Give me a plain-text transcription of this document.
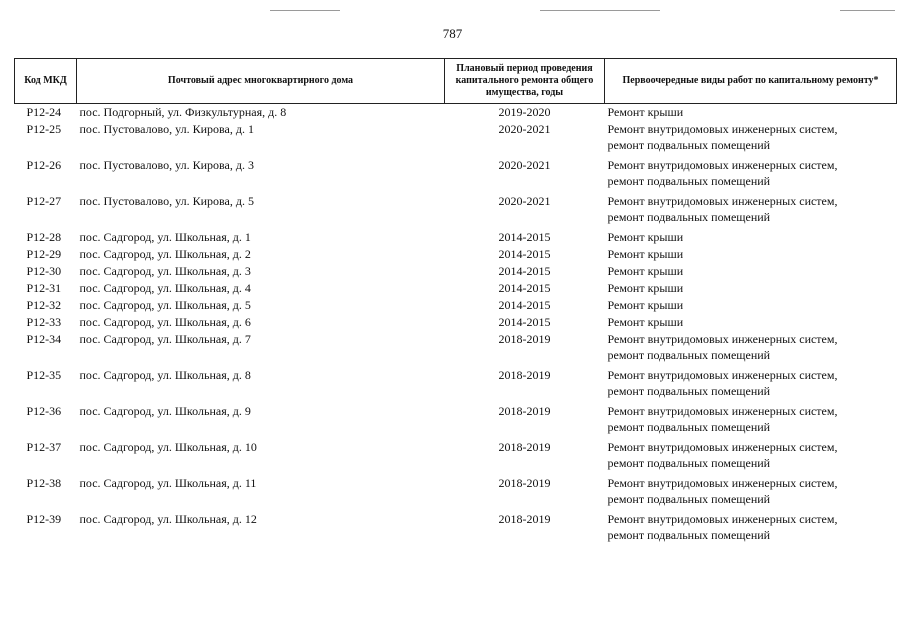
787
Код МКД	Почтовый адрес многоквартирного дома	Плановый период проведения капитального ремонта общего имущества, годы	Первоочередные виды работ по капитальному ремонту*
Р12-24	пос. Подгорный, ул. Физкультурная, д. 8	2019-2020	Ремонт крыши

Р12-25	пос. Пустовалово, ул. Кирова, д. 1	2020-2021	Ремонт внутридомовых инженерных систем,
ремонт подвальных помещений

Р12-26	пос. Пустовалово, ул. Кирова, д. 3	2020-2021	Ремонт внутридомовых инженерных систем,
ремонт подвальных помещений

Р12-27	пос. Пустовалово, ул. Кирова, д. 5	2020-2021	Ремонт внутридомовых инженерных систем,
ремонт подвальных помещений

Р12-28	пос. Садгород, ул. Школьная, д. 1	2014-2015	Ремонт крыши

Р12-29	пос. Садгород, ул. Школьная, д. 2	2014-2015	Ремонт крыши

Р12-30	пос. Садгород, ул. Школьная, д. 3	2014-2015	Ремонт крыши

Р12-31	пос. Садгород, ул. Школьная, д. 4	2014-2015	Ремонт крыши

Р12-32	пос. Садгород, ул. Школьная, д. 5	2014-2015	Ремонт крыши

Р12-33	пос. Садгород, ул. Школьная, д. 6	2014-2015	Ремонт крыши

Р12-34	пос. Садгород, ул. Школьная, д. 7	2018-2019	Ремонт внутридомовых инженерных систем,
ремонт подвальных помещений

Р12-35	пос. Садгород, ул. Школьная, д. 8	2018-2019	Ремонт внутридомовых инженерных систем,
ремонт подвальных помещений

Р12-36	пос. Садгород, ул. Школьная, д. 9	2018-2019	Ремонт внутридомовых инженерных систем,
ремонт подвальных помещений

Р12-37	пос. Садгород, ул. Школьная, д. 10	2018-2019	Ремонт внутридомовых инженерных систем,
ремонт подвальных помещений

Р12-38	пос. Садгород, ул. Школьная, д. 11	2018-2019	Ремонт внутридомовых инженерных систем,
ремонт подвальных помещений

Р12-39	пос. Садгород, ул. Школьная, д. 12	2018-2019	Ремонт внутридомовых инженерных систем,
ремонт подвальных помещений
